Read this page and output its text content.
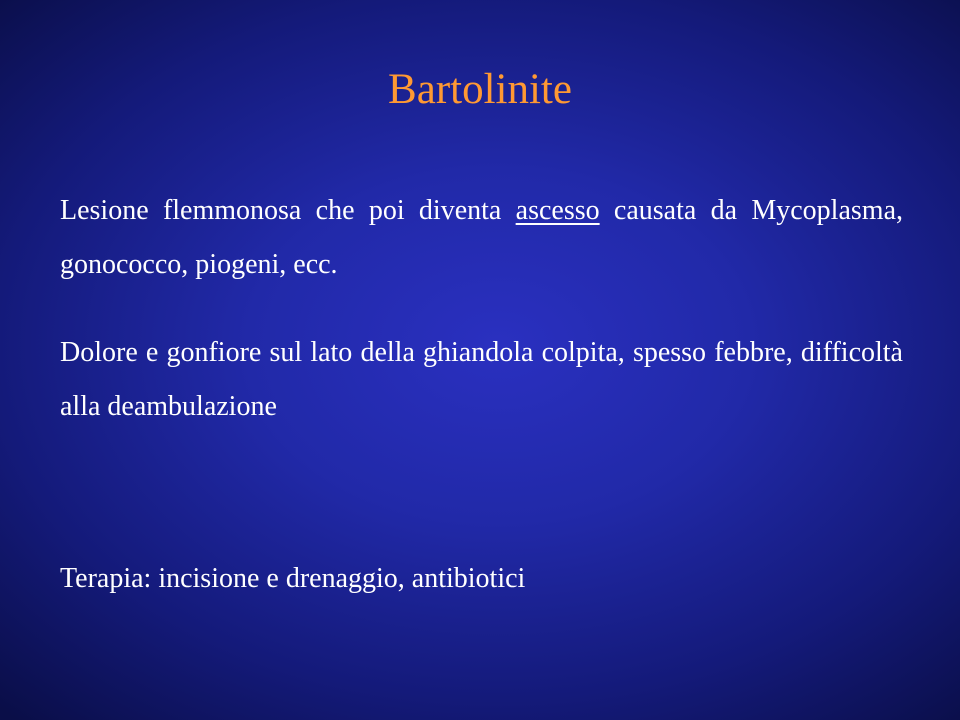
Bartolinite

Lesione flemmonosa che poi diventa ascesso causata da Mycoplasma, gonococco, piogeni, ecc.

Dolore e gonfiore sul lato della ghiandola colpita, spesso febbre, difficoltà alla deambulazione

Terapia: incisione e drenaggio, antibiotici
